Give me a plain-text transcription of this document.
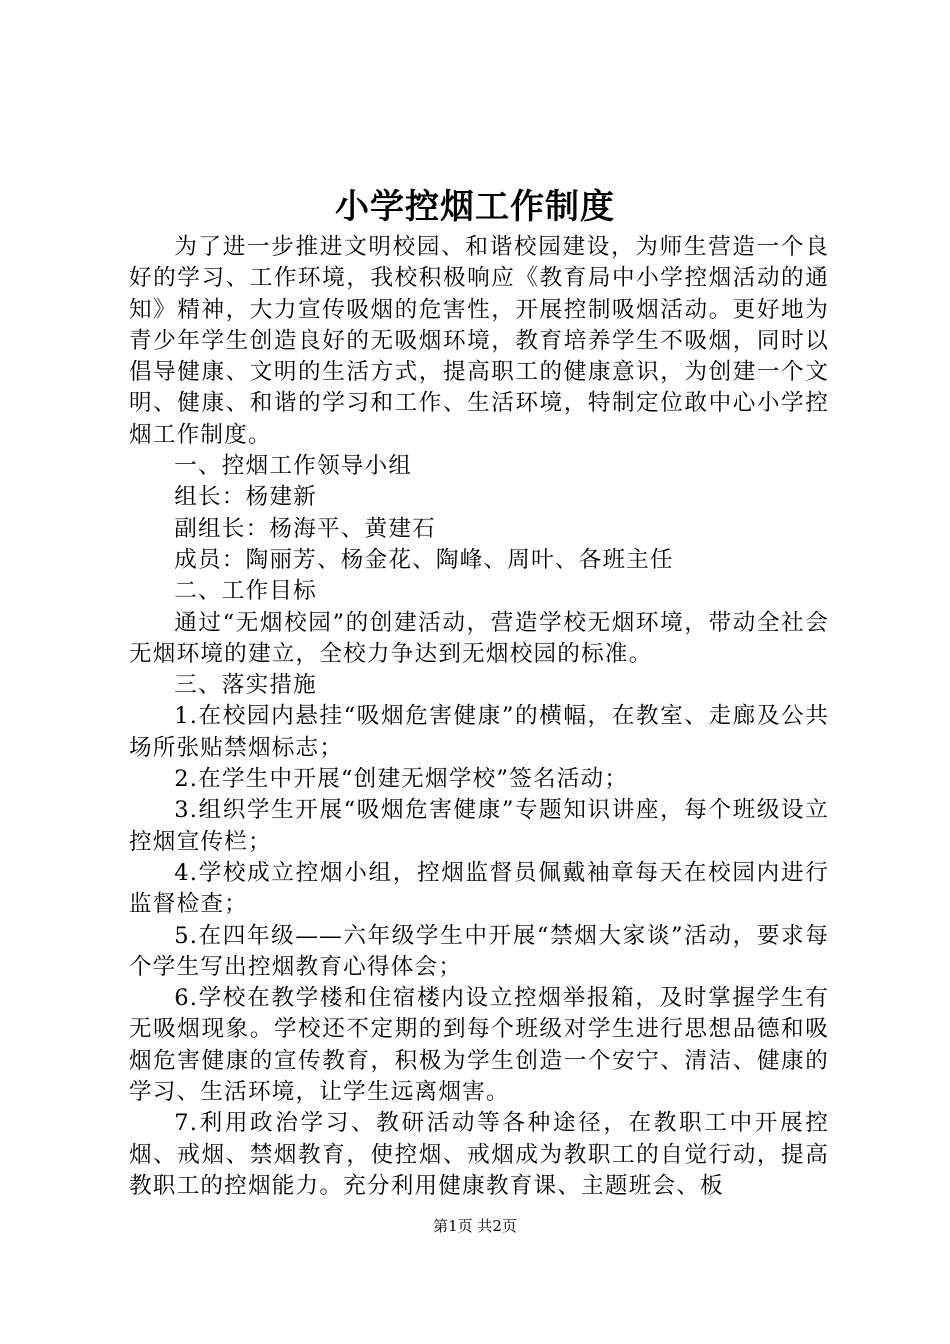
小学控烟工作制度

为了进一步推进文明校园、和谐校园建设，为师生营造一个良好的学习、工作环境，我校积极响应《教育局中小学控烟活动的通知》精神，大力宣传吸烟的危害性，开展控制吸烟活动。更好地为青少年学生创造良好的无吸烟环境，教育培养学生不吸烟，同时以倡导健康、文明的生活方式，提高职工的健康意识，为创建一个文明、健康、和谐的学习和工作、生活环境，特制定位敢中心小学控烟工作制度。

一、控烟工作领导小组

组长：杨建新

副组长：杨海平、黄建石

成员：陶丽芳、杨金花、陶峰、周叶、各班主任

二、工作目标

通过“无烟校园”的创建活动，营造学校无烟环境，带动全社会无烟环境的建立，全校力争达到无烟校园的标准。

三、落实措施

1.在校园内悬挂“吸烟危害健康”的横幅，在教室、走廊及公共场所张贴禁烟标志；

2.在学生中开展“创建无烟学校”签名活动；

3.组织学生开展“吸烟危害健康”专题知识讲座，每个班级设立控烟宣传栏；

4.学校成立控烟小组，控烟监督员佩戴袖章每天在校园内进行监督检查；

5.在四年级——六年级学生中开展“禁烟大家谈”活动，要求每个学生写出控烟教育心得体会；

6.学校在教学楼和住宿楼内设立控烟举报箱，及时掌握学生有无吸烟现象。学校还不定期的到每个班级对学生进行思想品德和吸烟危害健康的宣传教育，积极为学生创造一个安宁、清洁、健康的学习、生活环境，让学生远离烟害。

7.利用政治学习、教研活动等各种途径，在教职工中开展控烟、戒烟、禁烟教育，使控烟、戒烟成为教职工的自觉行动，提高教职工的控烟能力。充分利用健康教育课、主题班会、板

第1页 共2页
